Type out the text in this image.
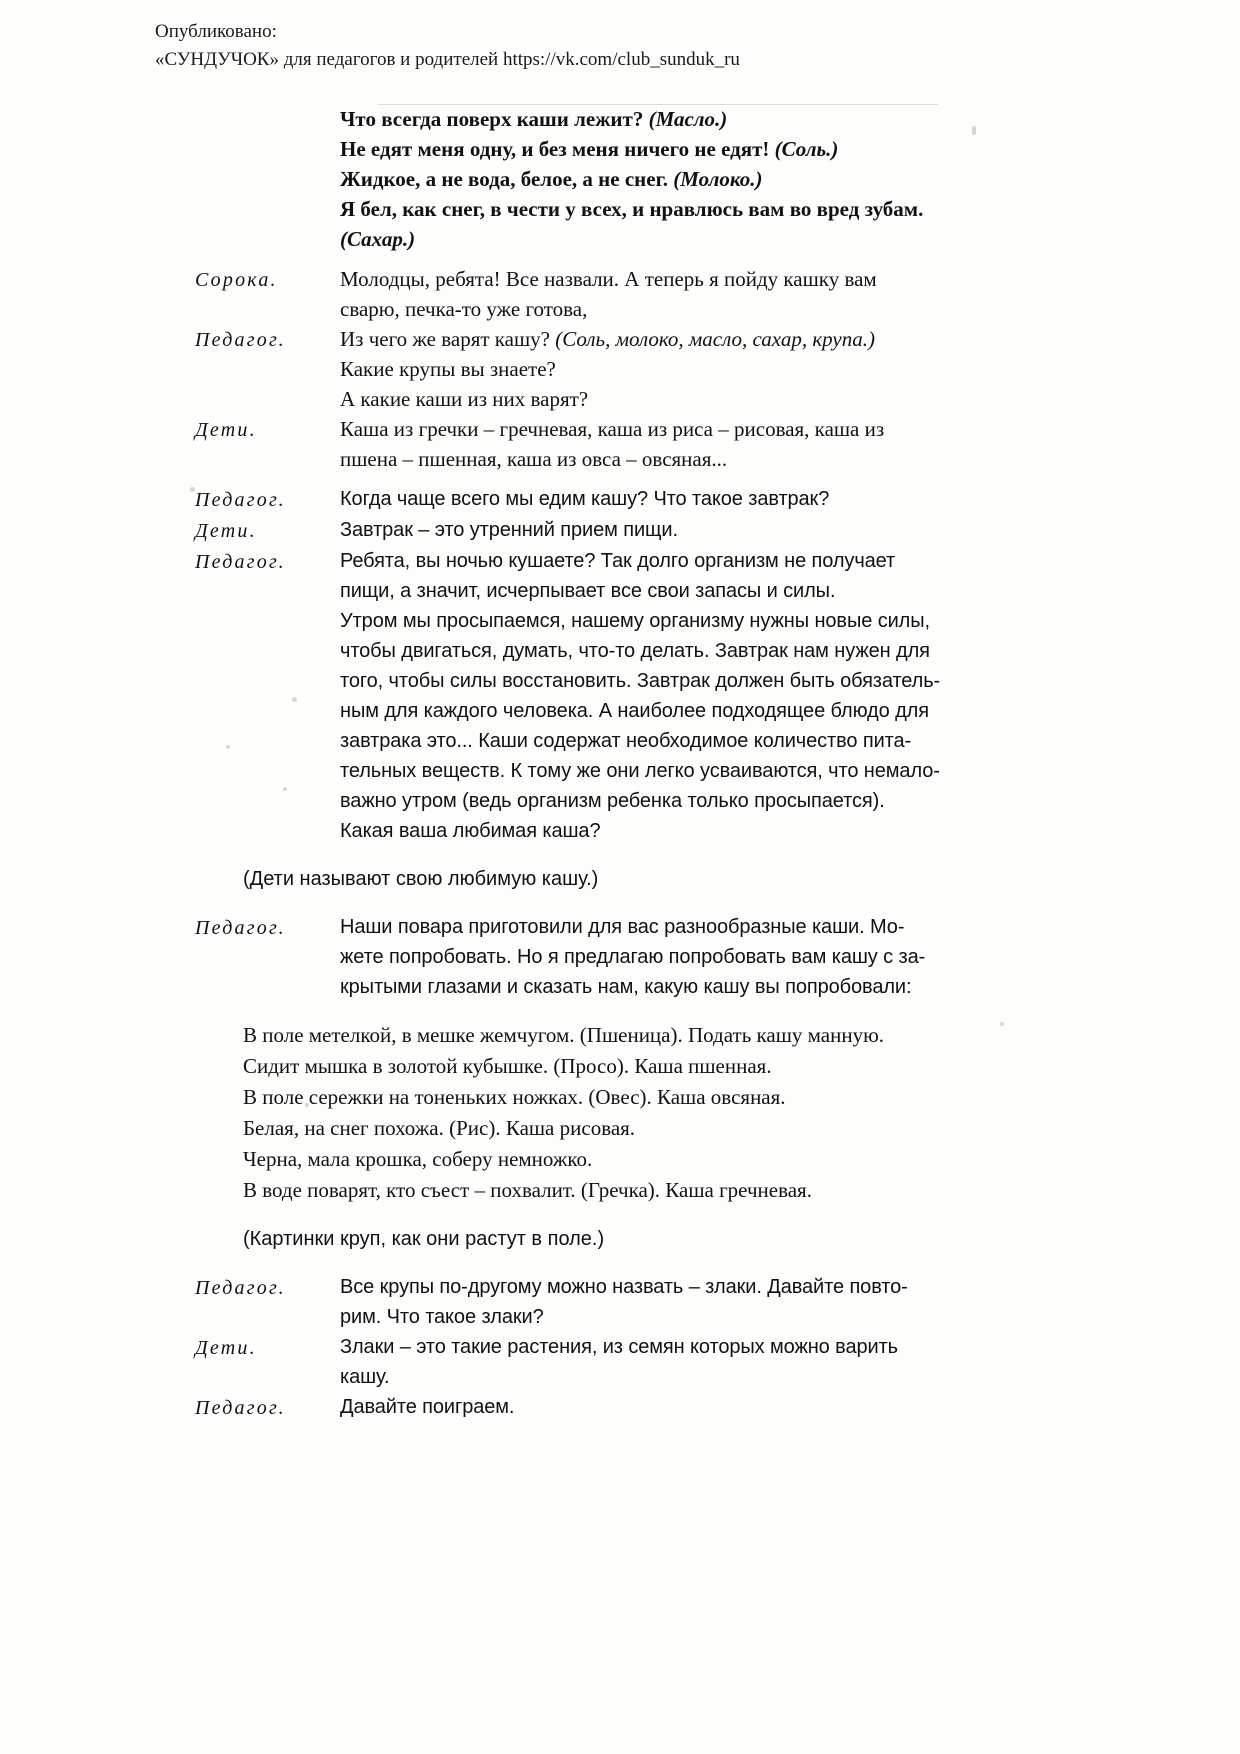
Опубликовано:
«СУНДУЧОК» для педагогов и родителей https://vk.com/club_sunduk_ru
Что всегда поверх каши лежит? (Масло.)
Не едят меня одну, и без меня ничего не едят! (Соль.)
Жидкое, а не вода, белое, а не снег. (Молоко.)
Я бел, как снег, в чести у всех, и нравлюсь вам во вред зубам.
(Сахар.)
Сорока.	Молодцы, ребята! Все назвали. А теперь я пойду кашку вам
сварю, печка-то уже готова,
Педагог.	Из чего же варят кашу? (Соль, молоко, масло, сахар, крупа.)
Какие крупы вы знаете?
А какие каши из них варят?
Дети.	Каша из гречки – гречневая, каша из риса – рисовая, каша из
пшена – пшенная, каша из овса – овсяная...
Педагог.	Когда чаще всего мы едим кашу? Что такое завтрак?
Дети.	Завтрак – это утренний прием пищи.
Педагог.	Ребята, вы ночью кушаете? Так долго организм не получает
пищи, а значит, исчерпывает все свои запасы и силы.
Утром мы просыпаемся, нашему организму нужны новые силы,
чтобы двигаться, думать, что-то делать. Завтрак нам нужен для
того, чтобы силы восстановить. Завтрак должен быть обязатель-
ным для каждого человека. А наиболее подходящее блюдо для
завтрака это... Каши содержат необходимое количество пита-
тельных веществ. К тому же они легко усваиваются, что немало-
важно утром (ведь организм ребенка только просыпается).
Какая ваша любимая каша?
(Дети называют свою любимую кашу.)
Педагог.	Наши повара приготовили для вас разнообразные каши. Мо-
жете попробовать. Но я предлагаю попробовать вам кашу с за-
крытыми глазами и сказать нам, какую кашу вы попробовали:
В поле метелкой, в мешке жемчугом. (Пшеница). Подать кашу манную.
Сидит мышка в золотой кубышке. (Просо). Каша пшенная.
В поле сережки на тоненьких ножках. (Овес). Каша овсяная.
Белая, на снег похожа. (Рис). Каша рисовая.
Черна, мала крошка, соберу немножко.
В воде поварят, кто съест – похвалит. (Гречка). Каша гречневая.
(Картинки круп, как они растут в поле.)
Педагог.	Все крупы по-другому можно назвать – злаки. Давайте повто-
рим. Что такое злаки?
Дети.	Злаки – это такие растения, из семян которых можно варить
кашу.
Педагог.	Давайте поиграем.
